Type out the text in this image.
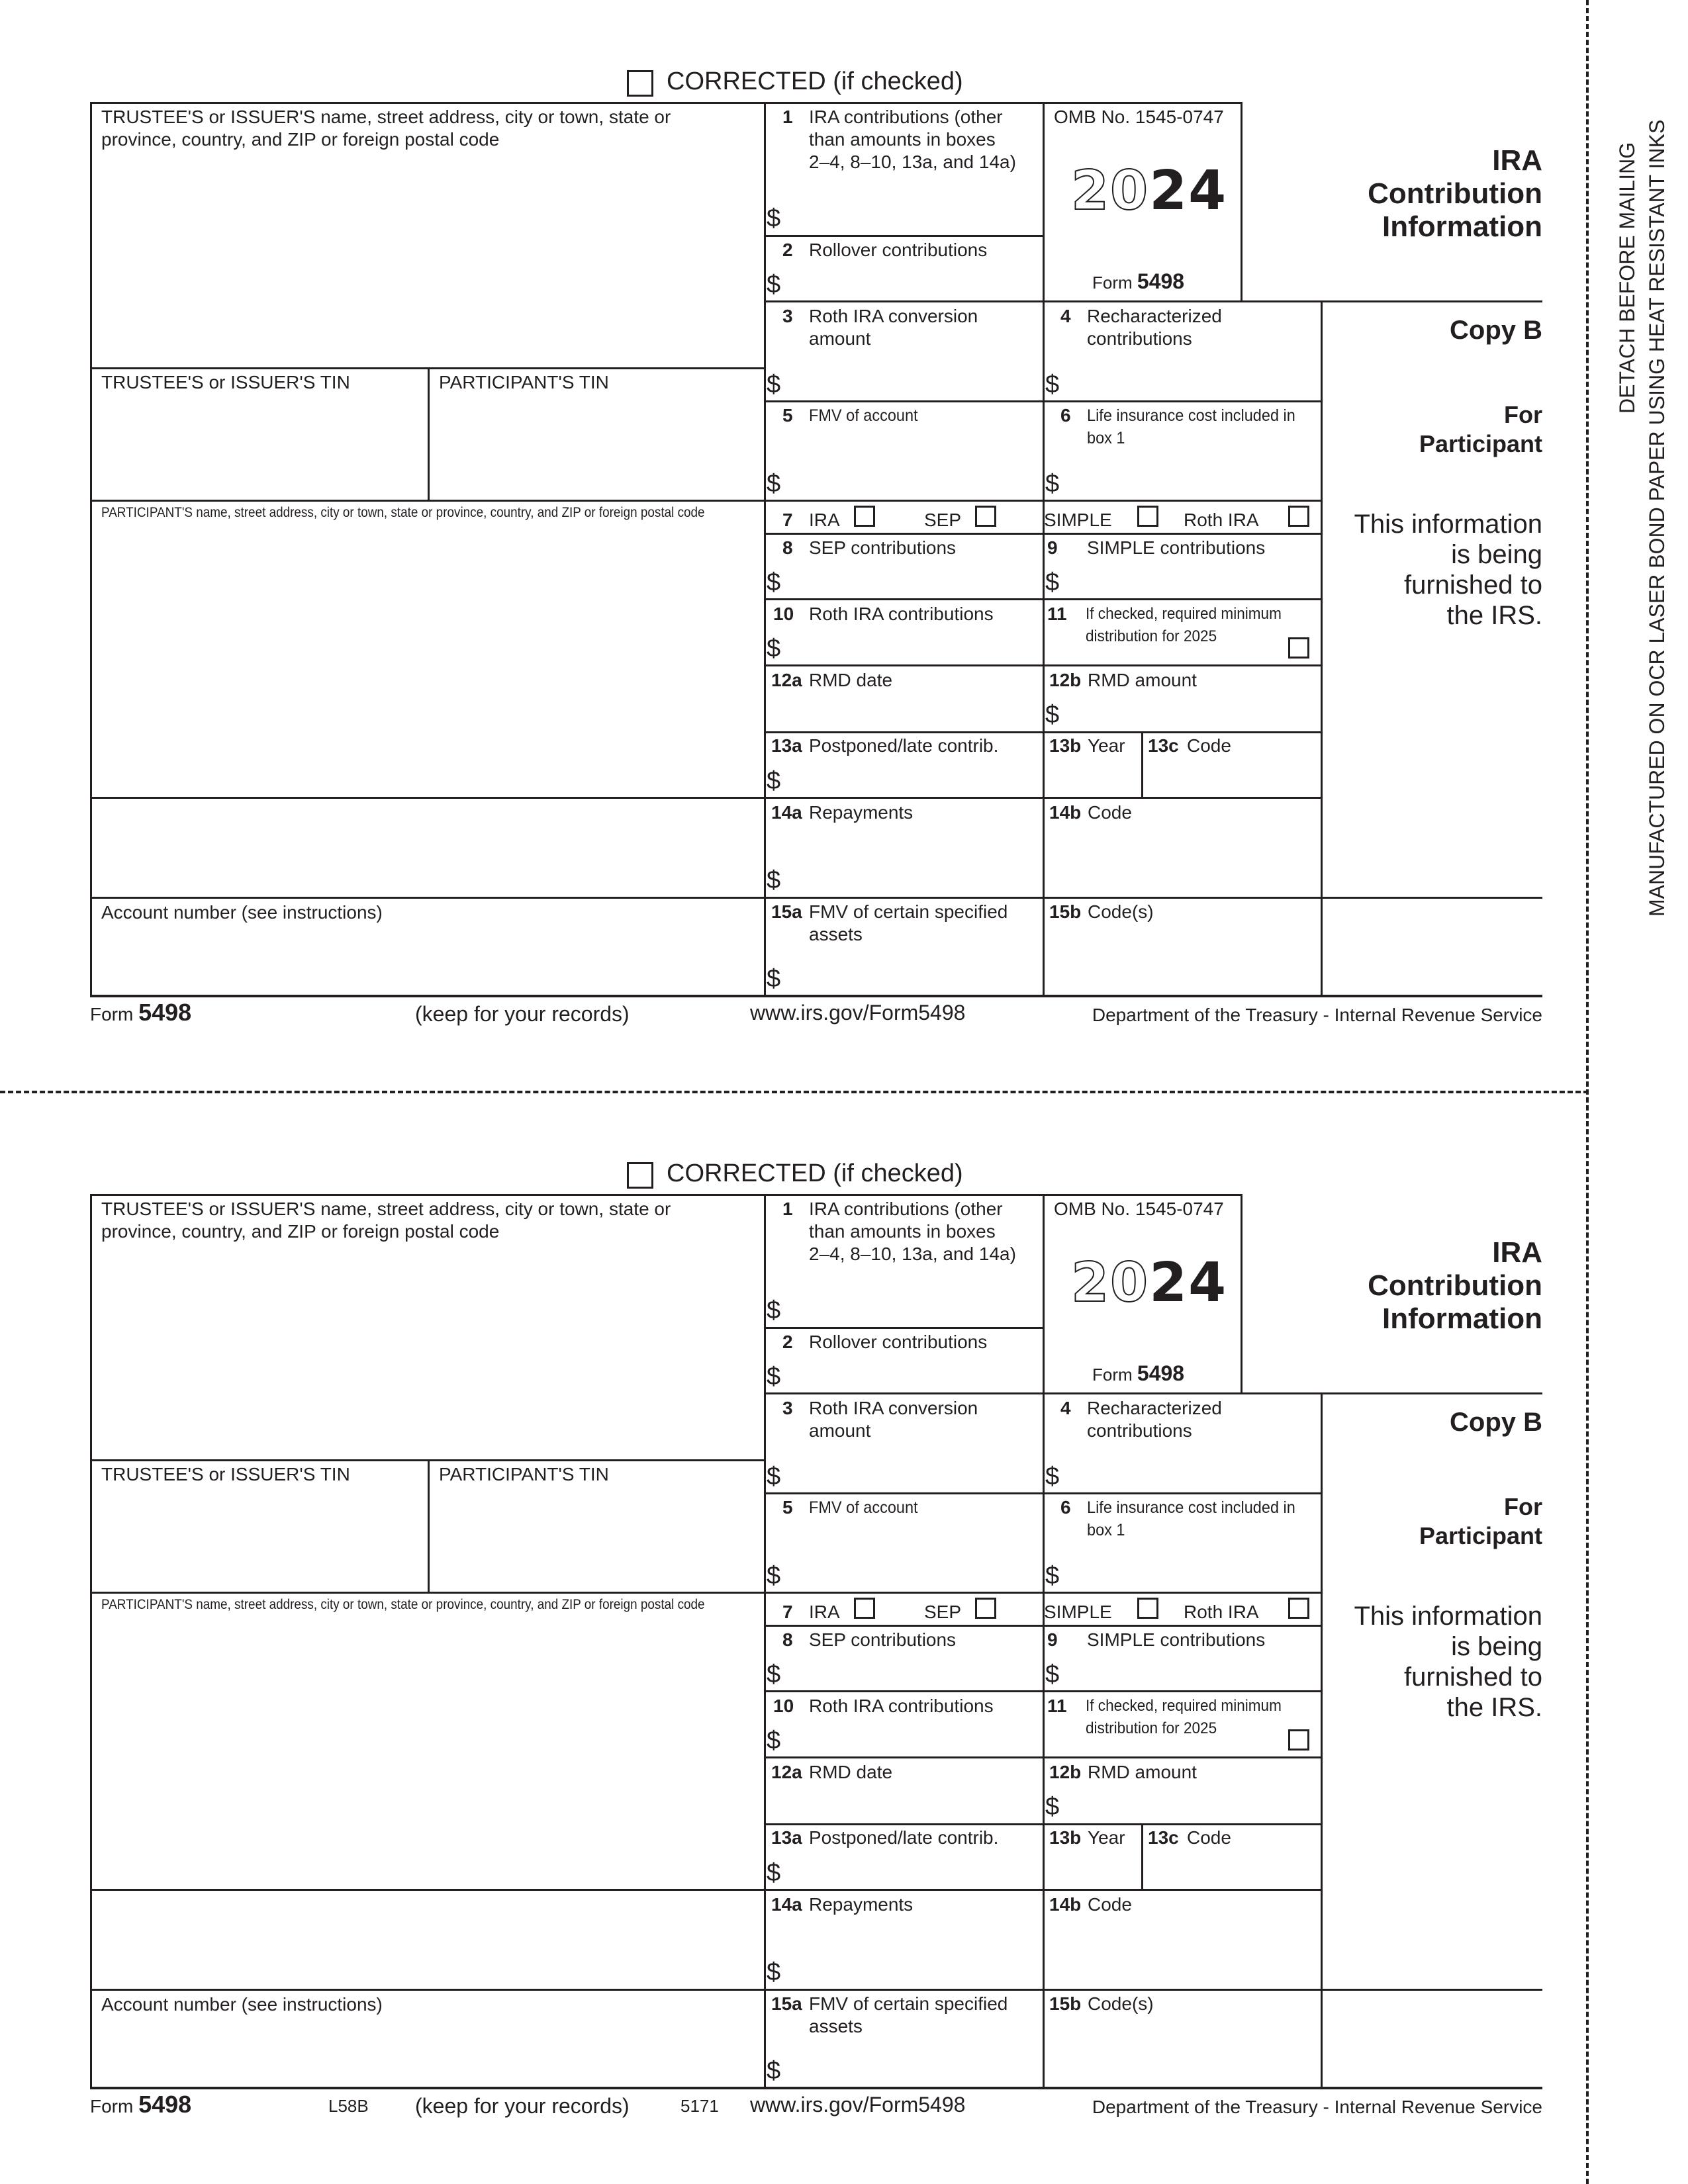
DETACH BEFORE MAILING MANUFACTURED ON OCR LASER BOND PAPER USING HEAT RESISTANT INKS
CORRECTED (if checked)
TRUSTEE'S or ISSUER'S name, street address, city or town, state or
province, country, and ZIP or foreign postal code
TRUSTEE'S or ISSUER'S TIN	PARTICIPANT'S TIN
PARTICIPANT'S name, street address, city or town, state or province, country, and ZIP or foreign postal code
Account number (see instructions)
1 IRA contributions (other
than amounts in boxes
2–4, 8–10, 13a, and 14a)
$
2 Rollover contributions
$
3 Roth IRA conversion
amount
$
4 Recharacterized
contributions
$
5 FMV of account
$
6 Life insurance cost included in
box 1
$
7 IRA	SEP	SIMPLE	Roth IRA
8 SEP contributions
$
9 SIMPLE contributions
$
10 Roth IRA contributions
$
11 If checked, required minimum
distribution for 2025
12a RMD date	12b RMD amount
$
13a Postponed/late contrib.
$
13b Year 13c Code
14a Repayments
$
14b Code
15a FMV of certain specified
assets
$
15b Code(s)
OMB No. 1545-0747
2024
Form 5498
IRA
Contribution
Information
Copy B
For
Participant
This information
is being
furnished to
the IRS.
Form 5498	(keep for your records)	www.irs.gov/Form5498	Department of the Treasury - Internal Revenue Service
CORRECTED (if checked)
TRUSTEE'S or ISSUER'S name, street address, city or town, state or
province, country, and ZIP or foreign postal code
TRUSTEE'S or ISSUER'S TIN	PARTICIPANT'S TIN
PARTICIPANT'S name, street address, city or town, state or province, country, and ZIP or foreign postal code
Account number (see instructions)
1 IRA contributions (other
than amounts in boxes
2–4, 8–10, 13a, and 14a)
$
2 Rollover contributions
$
3 Roth IRA conversion
amount
$
4 Recharacterized
contributions
$
5 FMV of account
$
6 Life insurance cost included in
box 1
$
7 IRA	SEP	SIMPLE	Roth IRA
8 SEP contributions
$
9 SIMPLE contributions
$
10 Roth IRA contributions
$
11 If checked, required minimum
distribution for 2025
12a RMD date	12b RMD amount
$
13a Postponed/late contrib.
$
13b Year 13c Code
14a Repayments
$
14b Code
15a FMV of certain specified
assets
$
15b Code(s)
OMB No. 1545-0747
2024
Form 5498
IRA
Contribution
Information
Copy B
For
Participant
This information
is being
furnished to
the IRS.
Form 5498	L58B (keep for your records)	5171 www.irs.gov/Form5498	Department of the Treasury - Internal Revenue Service
